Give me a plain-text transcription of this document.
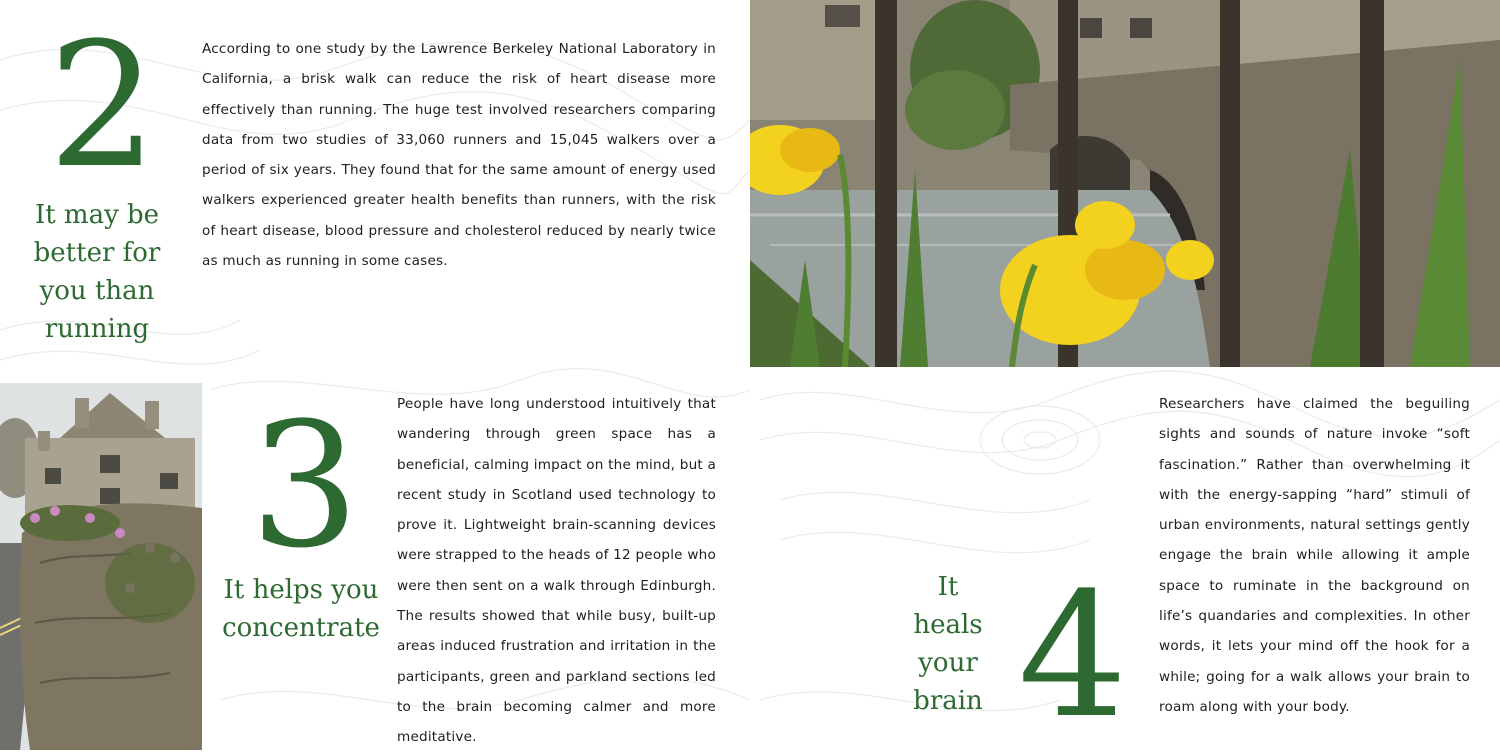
2
It may be better for you than running

According to one study by the Lawrence Berkeley National Laboratory in California, a brisk walk can reduce the risk of heart disease more effectively than running. The huge test involved researchers comparing data from two studies of 33,060 runners and 15,045 walkers over a period of six years. They found that for the same amount of energy used walkers experienced greater health benefits than runners, with the risk of heart disease, blood pressure and cholesterol reduced by nearly twice as much as running in some cases.

3
It helps you concentrate

People have long understood intuitively that wandering through green space has a beneficial, calming impact on the mind, but a recent study in Scotland used technology to prove it. Lightweight brain-scanning devices were strapped to the heads of 12 people who were then sent on a walk through Edinburgh. The results showed that while busy, built-up areas induced frustration and irritation in the participants, green and parkland sections led to the brain becoming calmer and more meditative.

It heals your brain 4

Researchers have claimed the beguiling sights and sounds of nature invoke “soft fascination.” Rather than overwhelming it with the energy-sapping “hard” stimuli of urban environments, natural settings gently engage the brain while allowing it ample space to ruminate in the background on life’s quandaries and complexities. In other words, it lets your mind off the hook for a while; going for a walk allows your brain to roam along with your body.
